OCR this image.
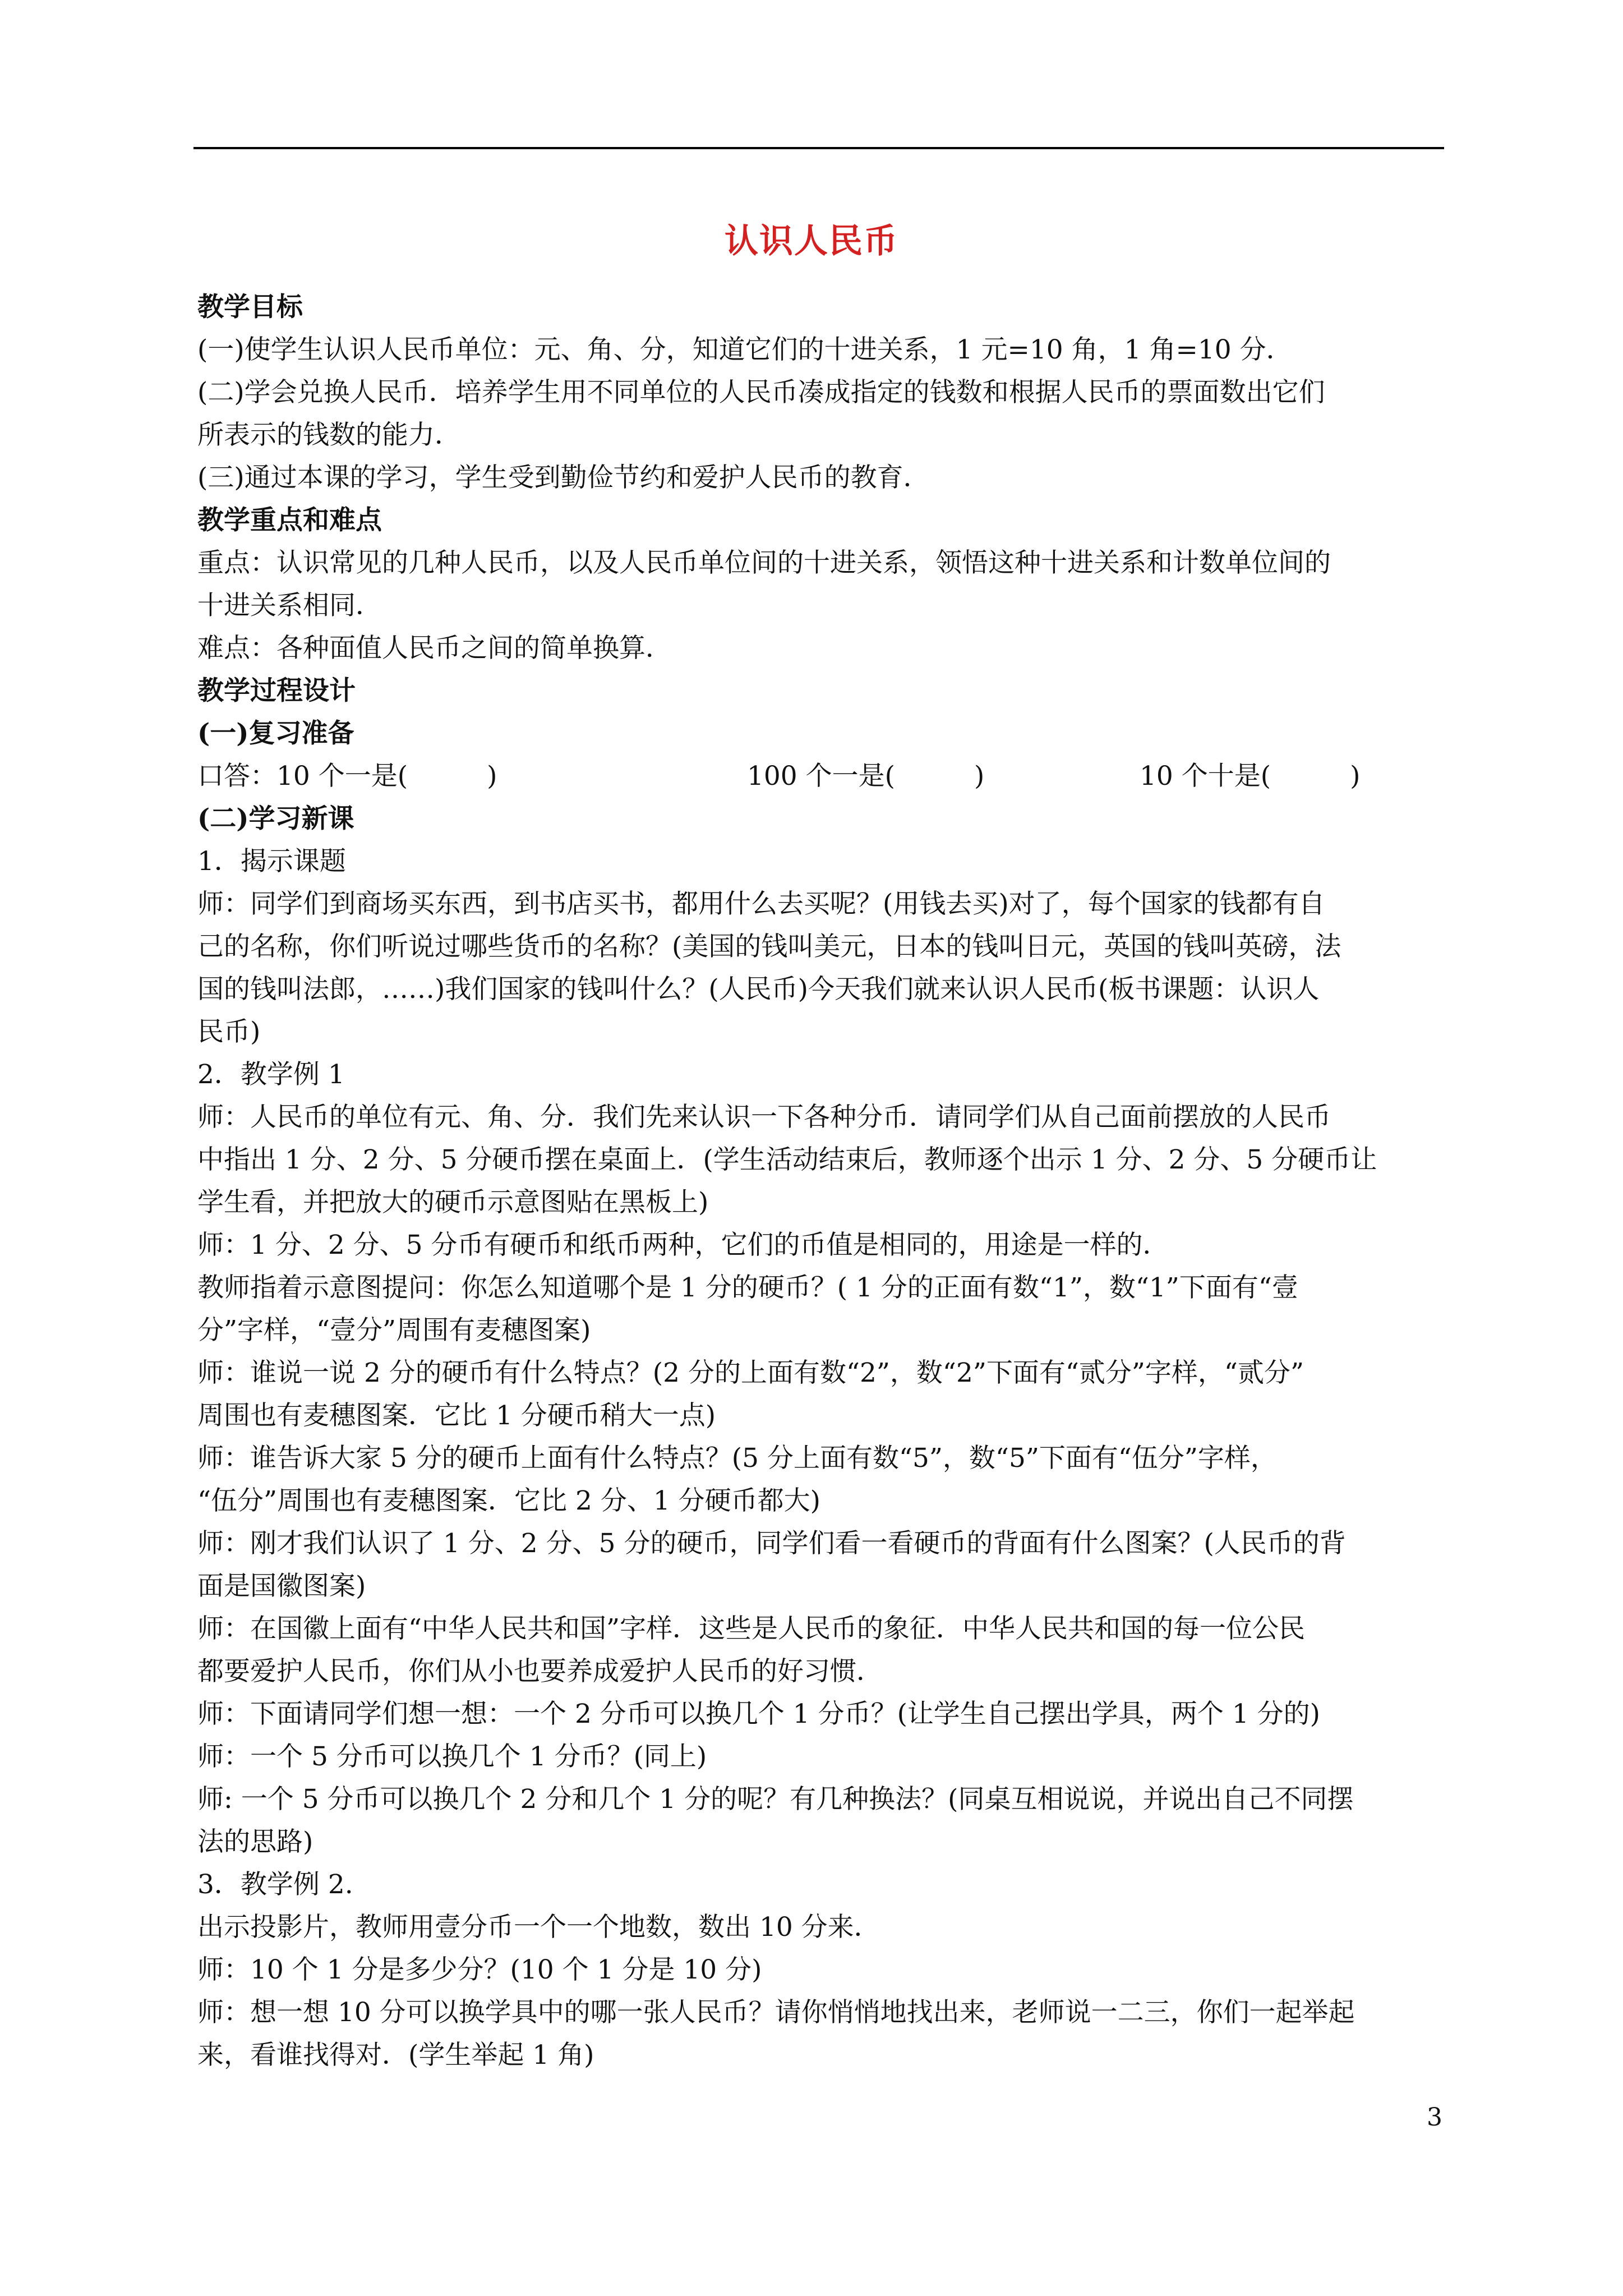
认识人民币
教学目标
(一)使学生认识人民币单位：元、角、分，知道它们的十进关系，1 元=10 角，1 角=10 分．
(二)学会兑换人民币．培养学生用不同单位的人民币凑成指定的钱数和根据人民币的票面数出它们
所表示的钱数的能力．
(三)通过本课的学习，学生受到勤俭节约和爱护人民币的教育．
教学重点和难点
重点：认识常见的几种人民币，以及人民币单位间的十进关系，领悟这种十进关系和计数单位间的
十进关系相同．
难点：各种面值人民币之间的简单换算．
教学过程设计
(一)复习准备
口答：10 个一是(　　　)	100 个一是(　　　)	10 个十是(　　　)
(二)学习新课
1．揭示课题
师：同学们到商场买东西，到书店买书，都用什么去买呢？(用钱去买)对了，每个国家的钱都有自
己的名称，你们听说过哪些货币的名称？(美国的钱叫美元，日本的钱叫日元，英国的钱叫英磅，法
国的钱叫法郎，……)我们国家的钱叫什么？(人民币)今天我们就来认识人民币(板书课题：认识人
民币)
2．教学例 1
师：人民币的单位有元、角、分．我们先来认识一下各种分币．请同学们从自己面前摆放的人民币
中指出 1 分、2 分、5 分硬币摆在桌面上．(学生活动结束后，教师逐个出示 1 分、2 分、5 分硬币让
学生看，并把放大的硬币示意图贴在黑板上)
师：1 分、2 分、5 分币有硬币和纸币两种，它们的币值是相同的，用途是一样的．
教师指着示意图提问：你怎么知道哪个是 1 分的硬币？( 1 分的正面有数“1”，数“1”下面有“壹
分”字样，“壹分”周围有麦穗图案)
师：谁说一说 2 分的硬币有什么特点？(2 分的上面有数“2”，数“2”下面有“贰分”字样，“贰分”
周围也有麦穗图案．它比 1 分硬币稍大一点)
师：谁告诉大家 5 分的硬币上面有什么特点？(5 分上面有数“5”，数“5”下面有“伍分”字样，
“伍分”周围也有麦穗图案．它比 2 分、1 分硬币都大)
师：刚才我们认识了 1 分、2 分、5 分的硬币，同学们看一看硬币的背面有什么图案？(人民币的背
面是国徽图案)
师：在国徽上面有“中华人民共和国”字样．这些是人民币的象征．中华人民共和国的每一位公民
都要爱护人民币，你们从小也要养成爱护人民币的好习惯．
师：下面请同学们想一想：一个 2 分币可以换几个 1 分币？(让学生自己摆出学具，两个 1 分的)
师：一个 5 分币可以换几个 1 分币？(同上)
师: 一个 5 分币可以换几个 2 分和几个 1 分的呢？有几种换法？(同桌互相说说，并说出自己不同摆
法的思路)
3．教学例 2.
出示投影片，教师用壹分币一个一个地数，数出 10 分来．
师：10 个 1 分是多少分？(10 个 1 分是 10 分)
师：想一想 10 分可以换学具中的哪一张人民币？请你悄悄地找出来，老师说一二三，你们一起举起
来，看谁找得对．(学生举起 1 角)
3
